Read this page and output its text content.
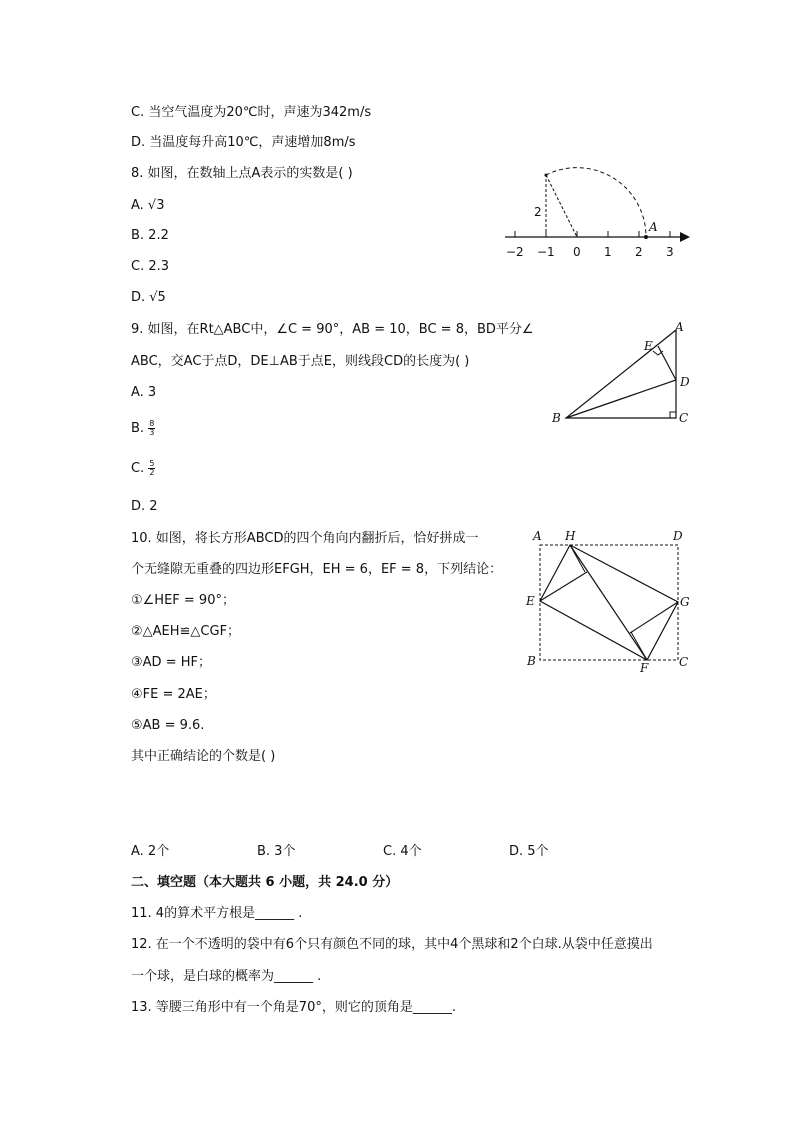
C. 当空气温度为20℃时，声速为342m/s
D. 当温度每升高10℃，声速增加8m/s
8. 如图，在数轴上点A表示的实数是( )
A. √3
B. 2.2
C. 2.3
D. √5
−2 −1 0 1 2 3
2
A
9. 如图，在Rt△ABC中，∠C = 90°，AB = 10，BC = 8，BD平分∠
ABC，交AC于点D，DE⊥AB于点E，则线段CD的长度为( )
A. 3
B. $\frac{8}{3}$
C. $\frac{5}{2}$
D. 2
A
E
D
B	C
10. 如图，将长方形ABCD的四个角向内翻折后，恰好拼成一
个无缝隙无重叠的四边形EFGH，EH = 6，EF = 8，下列结论：
①∠HEF = 90°；
②△AEH≌△CGF；
③AD = HF；
④FE = 2AE；
⑤AB = 9.6.
其中正确结论的个数是( )
A H	D
E	G
B	F	C
A. 2个	B. 3个	C. 4个	D. 5个
二、填空题（本大题共 6 小题，共 24.0 分）
11. 4的算术平方根是______ .
12. 在一个不透明的袋中有6个只有颜色不同的球，其中4个黑球和2个白球.从袋中任意摸出
一个球，是白球的概率为______ .
13. 等腰三角形中有一个角是70°，则它的顶角是______.
